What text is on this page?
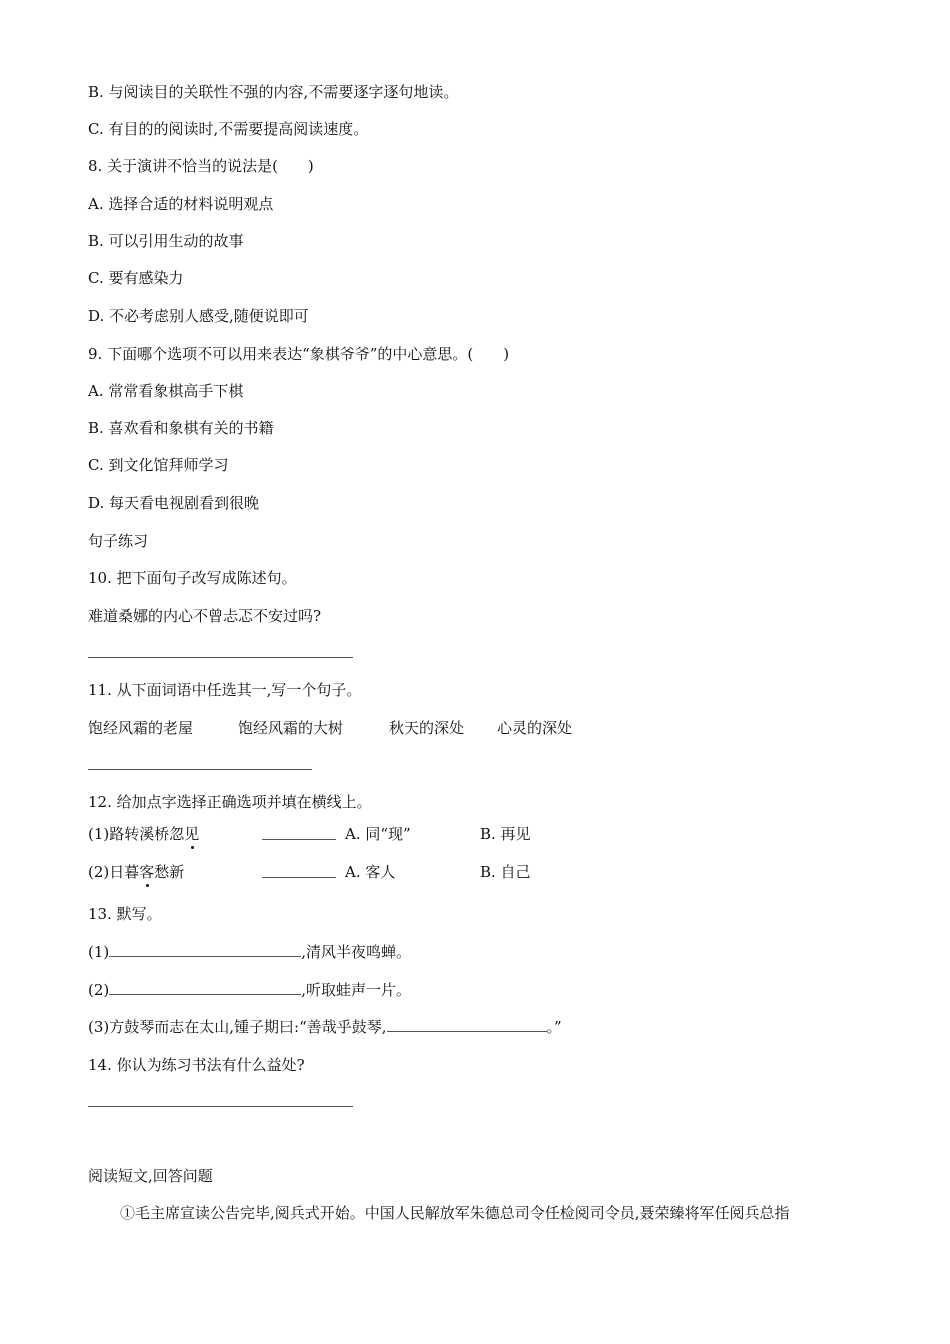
B. 与阅读目的关联性不强的内容,不需要逐字逐句地读。
C. 有目的的阅读时,不需要提高阅读速度。
8. 关于演讲不恰当的说法是(　　)
A. 选择合适的材料说明观点
B. 可以引用生动的故事
C. 要有感染力
D. 不必考虑别人感受,随便说即可
9. 下面哪个选项不可以用来表达“象棋爷爷”的中心意思。(　　)
A. 常常看象棋高手下棋
B. 喜欢看和象棋有关的书籍
C. 到文化馆拜师学习
D. 每天看电视剧看到很晚
句子练习
10. 把下面句子改写成陈述句。
难道桑娜的内心不曾忐忑不安过吗?
11. 从下面词语中任选其一,写一个句子。
饱经风霜的老屋	饱经风霜的大树	秋天的深处 心灵的深处
12. 给加点字选择正确选项并填在横线上。
(1)路转溪桥忽见	A. 同“现”	B. 再见
(2)日暮客愁新	A. 客人	B. 自己
13. 默写。
(1)	,清风半夜鸣蝉。
(2)	,听取蛙声一片。
(3)方鼓琴而志在太山,锺子期曰:“善哉乎鼓琴,	。”
14. 你认为练习书法有什么益处?
阅读短文,回答问题
①毛主席宣读公告完毕,阅兵式开始。中国人民解放军朱德总司令任检阅司令员,聂荣臻将军任阅兵总指
